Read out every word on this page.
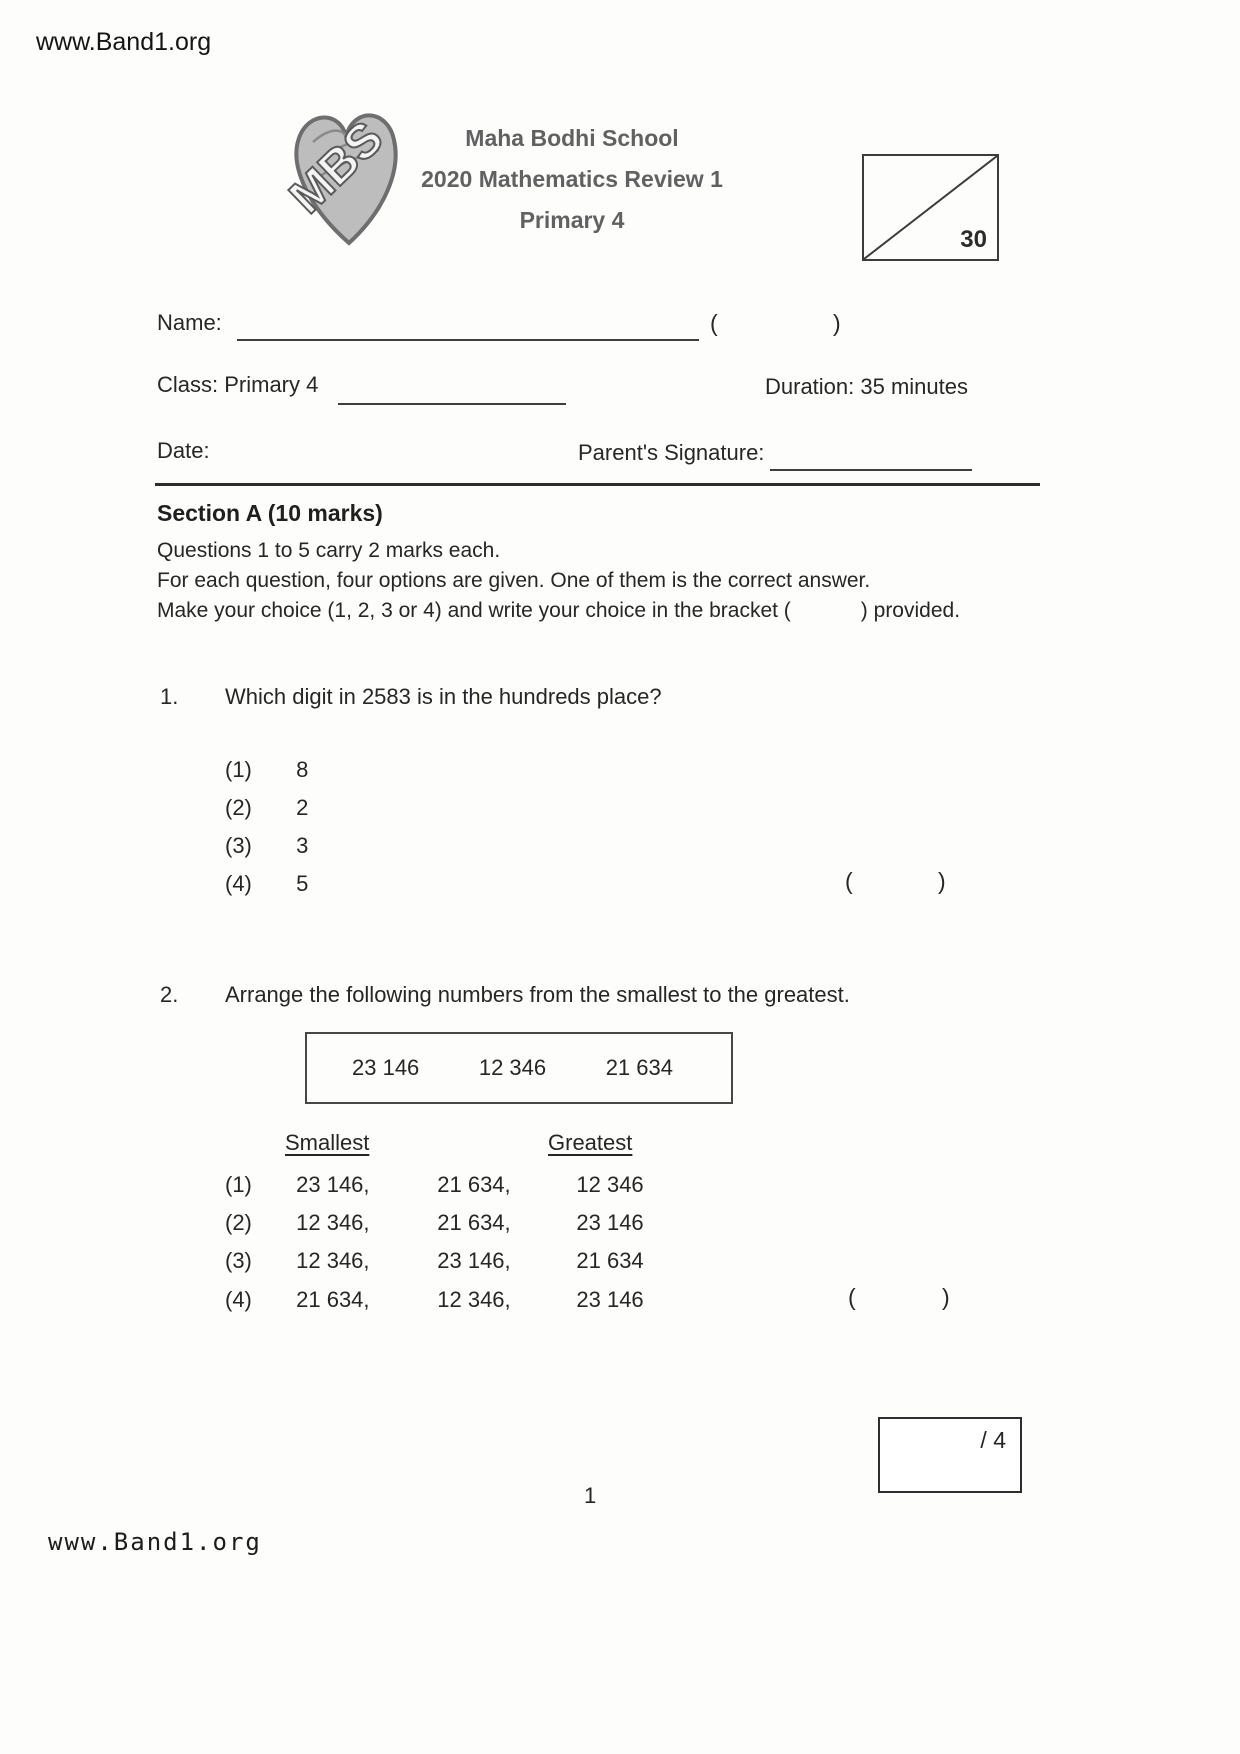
www.Band1.org
MBS	Maha Bodhi School
2020 Mathematics Review 1
Primary 4
30
Name:	(	)
Class: Primary 4	Duration: 35 minutes
Date:	Parent's Signature:
Section A (10 marks)
Questions 1 to 5 carry 2 marks each.
For each question, four options are given. One of them is the correct answer.
Make your choice (1, 2, 3 or 4) and write your choice in the bracket (            ) provided.
1. Which digit in 2583 is in the hundreds place?
(1) 8
(2) 2
(3) 3
(4) 5	(	)
2. Arrange the following numbers from the smallest to the greatest.
23 146	12 346	21 634
Smallest	Greatest
(1) 23 146,	21 634,	12 346
(2) 12 346,	21 634,	23 146
(3) 12 346,	23 146,	21 634
(4) 21 634,	12 346,	23 146	(	)
/ 4
1
www.Band1.org
